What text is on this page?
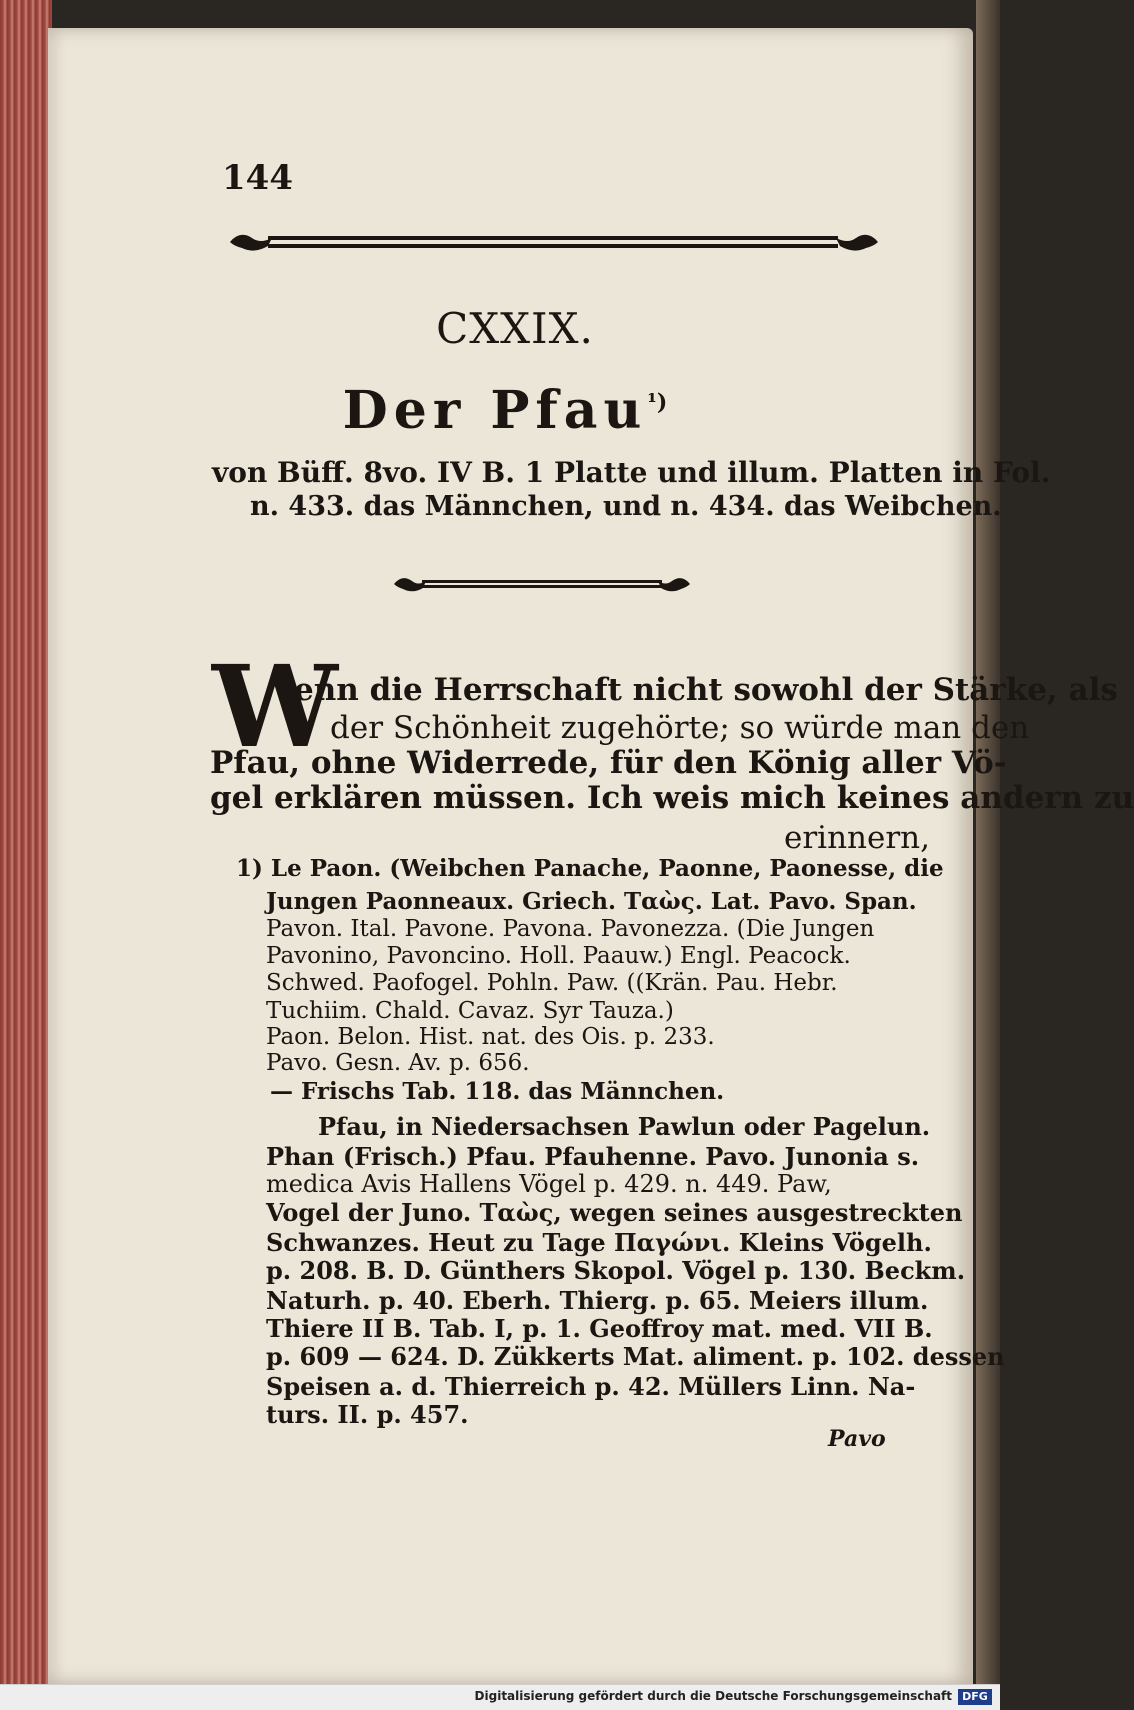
144
CXXIX.
Der Pfau$^{^1)}$
von Büff. 8vo. IV B. 1 Platte und illum. Platten in Fol.
n. 433. das Männchen, und n. 434. das Weibchen.
W
enn die Herrschaft nicht sowohl der Stärke, als
der Schönheit zugehörte; so würde man den
Pfau, ohne Widerrede, für den König aller Vö-
gel erklären müssen. Ich weis mich keines andern zu
erinnern,
1) Le Paon. (Weibchen Panache, Paonne, Paonesse, die
Jungen Paonneaux. Griech. Ταὼς. Lat. Pavo. Span.
Pavon. Ital. Pavone. Pavona. Pavonezza. (Die Jungen
Pavonino, Pavoncino. Holl. Paauw.) Engl. Peacock.
Schwed. Paofogel. Pohln. Paw. ((Krän. Pau. Hebr.
Tuchiim. Chald. Cavaz. Syr Tauza.)
Paon. Belon. Hist. nat. des Ois. p. 233.
Pavo. Gesn. Av. p. 656.
— Frischs Tab. 118. das Männchen.
Pfau, in Niedersachsen Pawlun oder Pagelun.
Phan (Frisch.) Pfau. Pfauhenne. Pavo. Junonia s.
medica Avis Hallens Vögel p. 429. n. 449. Paw,
Vogel der Juno. Ταὼς, wegen seines ausgestreckten
Schwanzes. Heut zu Tage Παγώνι. Kleins Vögelh.
p. 208. B. D. Günthers Skopol. Vögel p. 130. Beckm.
Naturh. p. 40. Eberh. Thierg. p. 65. Meiers illum.
Thiere II B. Tab. I, p. 1. Geoffroy mat. med. VII B.
p. 609 — 624. D. Zükkerts Mat. aliment. p. 102. dessen
Speisen a. d. Thierreich p. 42. Müllers Linn. Na-
turs. II. p. 457.
Pavo
Digitalisierung gefördert durch die Deutsche Forschungsgemeinschaft DFG
